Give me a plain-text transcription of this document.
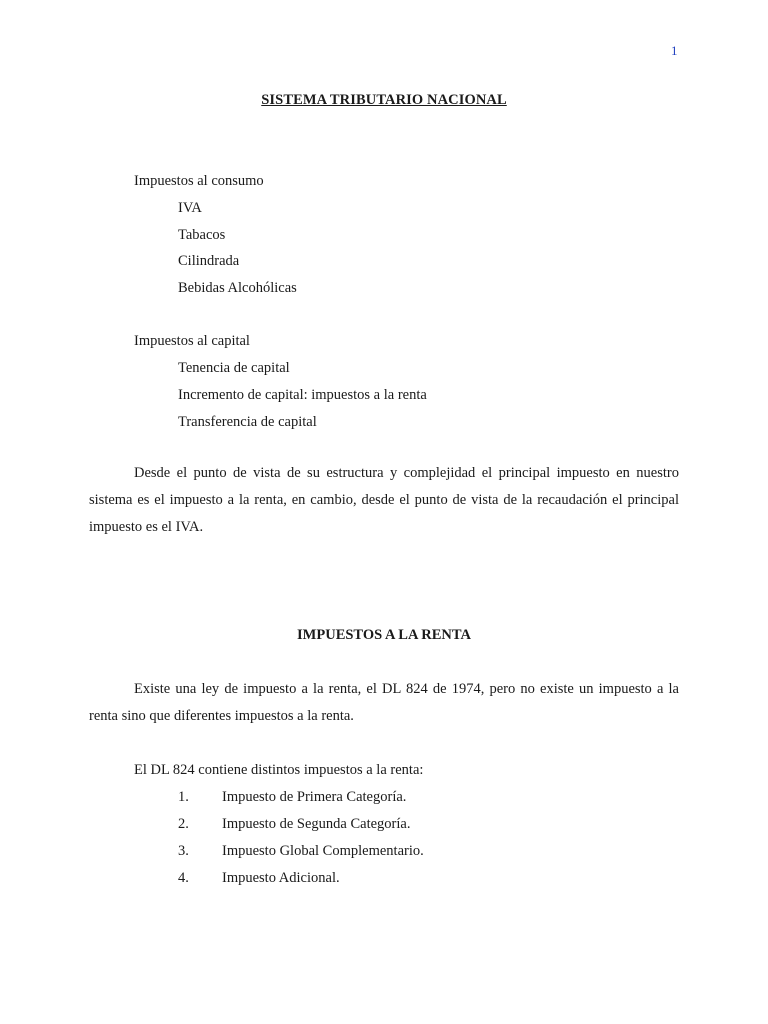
1
SISTEMA TRIBUTARIO NACIONAL
Impuestos al consumo
IVA
Tabacos
Cilindrada
Bebidas Alcohólicas
Impuestos al capital
Tenencia de capital
Incremento de capital: impuestos a la renta
Transferencia de capital
Desde el punto de vista de su estructura y complejidad el principal impuesto en nuestro sistema es el impuesto a la renta, en cambio, desde el punto de vista de la recaudación el principal impuesto es el IVA.
IMPUESTOS A LA RENTA
Existe una ley de impuesto a la renta, el DL 824 de 1974, pero no existe un impuesto a la renta sino que diferentes impuestos a la renta.
El DL 824 contiene distintos impuestos a la renta:
1. Impuesto de Primera Categoría.
2. Impuesto de Segunda Categoría.
3. Impuesto Global Complementario.
4. Impuesto Adicional.
